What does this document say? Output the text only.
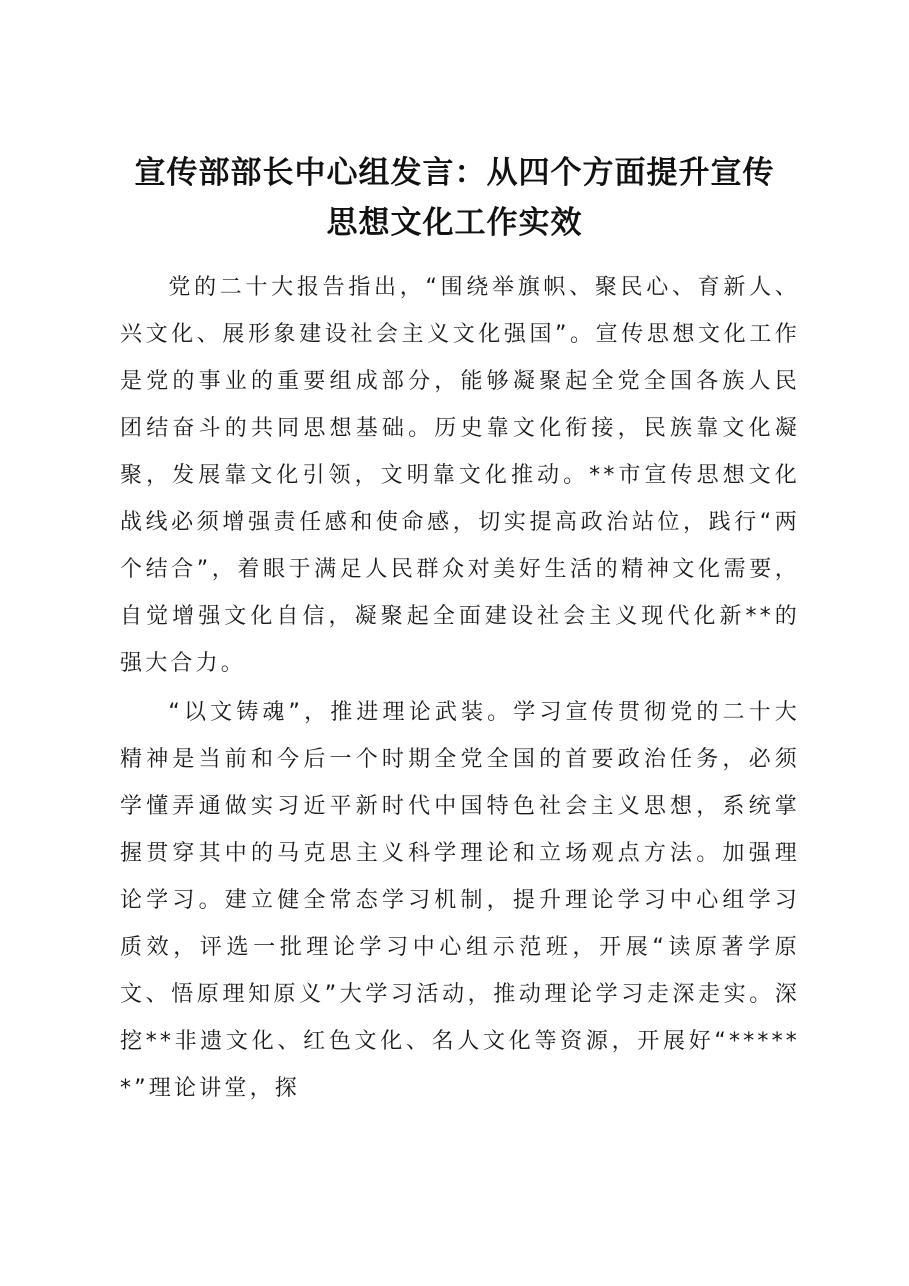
宣传部部长中心组发言：从四个方面提升宣传思想文化工作实效

党的二十大报告指出，“围绕举旗帜、聚民心、育新人、兴文化、展形象建设社会主义文化强国”。宣传思想文化工作是党的事业的重要组成部分，能够凝聚起全党全国各族人民团结奋斗的共同思想基础。历史靠文化衔接，民族靠文化凝聚，发展靠文化引领，文明靠文化推动。**市宣传思想文化战线必须增强责任感和使命感，切实提高政治站位，践行“两个结合”，着眼于满足人民群众对美好生活的精神文化需要，自觉增强文化自信，凝聚起全面建设社会主义现代化新**的强大合力。

“以文铸魂”，推进理论武装。学习宣传贯彻党的二十大精神是当前和今后一个时期全党全国的首要政治任务，必须学懂弄通做实习近平新时代中国特色社会主义思想，系统掌握贯穿其中的马克思主义科学理论和立场观点方法。加强理论学习。建立健全常态学习机制，提升理论学习中心组学习质效，评选一批理论学习中心组示范班，开展“读原著学原文、悟原理知原义”大学习活动，推动理论学习走深走实。深挖**非遗文化、红色文化、名人文化等资源，开展好“******”理论讲堂，探
